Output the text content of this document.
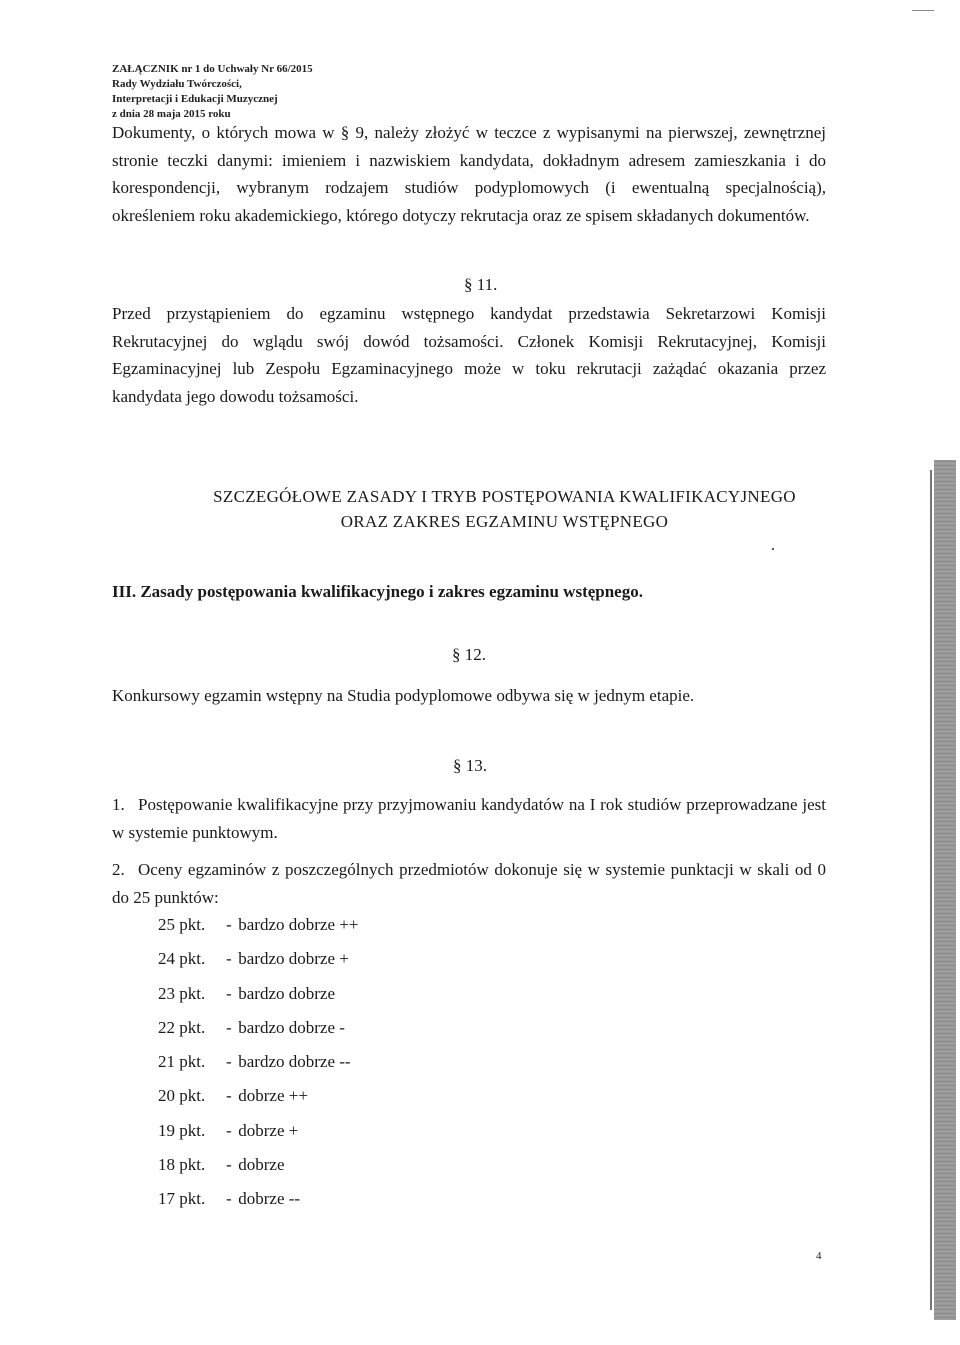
ZAŁĄCZNIK nr 1 do Uchwały Nr 66/2015
Rady Wydziału Twórczości,
Interpretacji i Edukacji Muzycznej
z dnia 28 maja 2015 roku

Dokumenty, o których mowa w § 9, należy złożyć w teczce z wypisanymi na pierwszej, zewnętrznej stronie teczki danymi: imieniem i nazwiskiem kandydata, dokładnym adresem zamieszkania i do korespondencji, wybranym rodzajem studiów podyplomowych (i ewentualną specjalnością), określeniem roku akademickiego, którego dotyczy rekrutacja oraz ze spisem składanych dokumentów.

§ 11.

Przed przystąpieniem do egzaminu wstępnego kandydat przedstawia Sekretarzowi Komisji Rekrutacyjnej do wglądu swój dowód tożsamości. Członek Komisji Rekrutacyjnej, Komisji Egzaminacyjnej lub Zespołu Egzaminacyjnego może w toku rekrutacji zażądać okazania przez kandydata jego dowodu tożsamości.

SZCZEGÓŁOWE ZASADY I TRYB POSTĘPOWANIA KWALIFIKACYJNEGO
ORAZ ZAKRES EGZAMINU WSTĘPNEGO
III. Zasady postępowania kwalifikacyjnego i zakres egzaminu wstępnego.
§ 12.
Konkursowy egzamin wstępny na Studia podyplomowe odbywa się w jednym etapie.
§ 13.

1. Postępowanie kwalifikacyjne przy przyjmowaniu kandydatów na I rok studiów przeprowadzane jest w systemie punktowym.

2. Oceny egzaminów z poszczególnych przedmiotów dokonuje się w systemie punktacji w skali od 0 do 25 punktów:

25 pkt. - bardzo dobrze ++
24 pkt. - bardzo dobrze +
23 pkt. - bardzo dobrze
22 pkt. - bardzo dobrze -
21 pkt. - bardzo dobrze --
20 pkt. - dobrze ++
19 pkt. - dobrze +
18 pkt. - dobrze
17 pkt. - dobrze --
4
